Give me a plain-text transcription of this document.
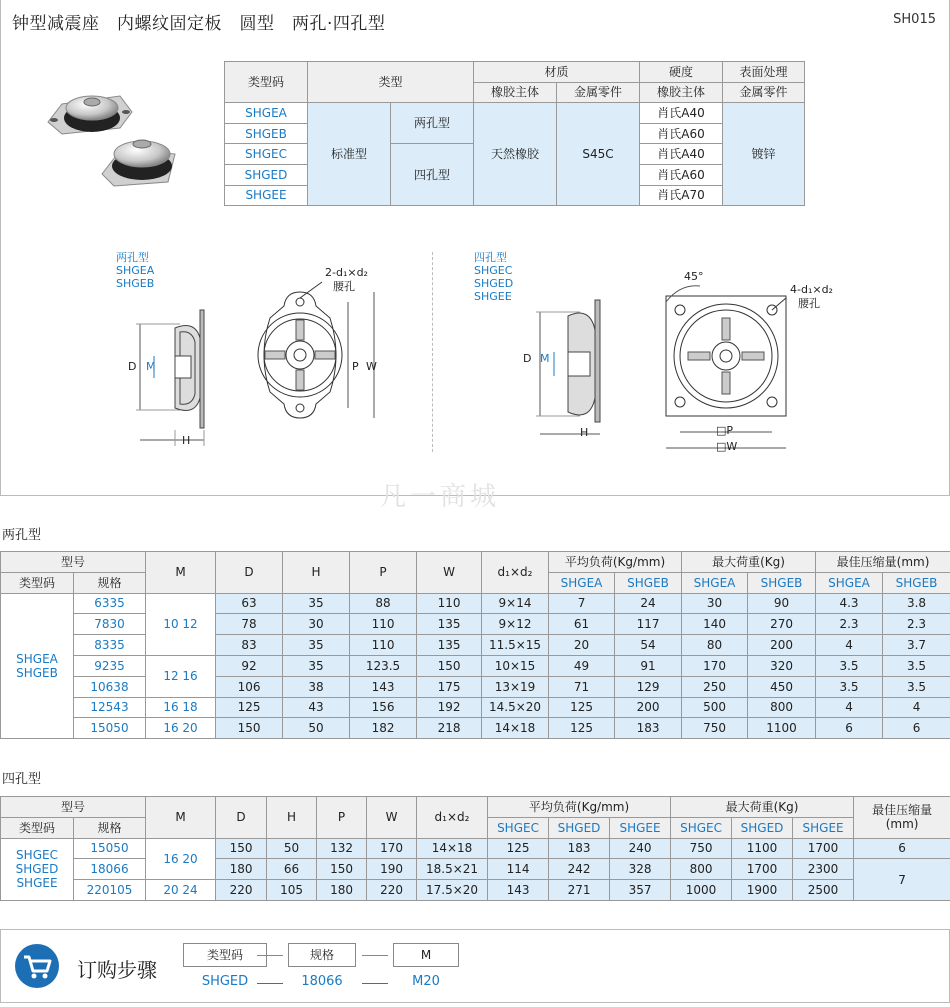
钟型减震座　内螺纹固定板　圆型　两孔·四孔型	SH015
类型码	类型		材质		硬度	表面处理
			橡胶主体	金属零件	橡胶主体	金属零件
SHGEA	标准型	两孔型	天然橡胶	S45C	肖氏A40	镀锌
SHGEB					肖氏A60	
SHGEC		四孔型			肖氏A40	
SHGED					肖氏A60	
SHGEE					肖氏A70	
两孔型
SHGEA
SHGEB
四孔型
SHGEC
SHGED
SHGEE
D M
H
2-d₁×d₂
腰孔
P W
D M
H
45°
4-d₁×d₂
腰孔
□P
□W
凡一商城
两孔型
型号		M	D	H	P	W	d₁×d₂	平均负荷(Kg/mm)		最大荷重(Kg)		最佳压缩量(mm)	
类型码	规格							SHGEA	SHGEB	SHGEA	SHGEB	SHGEA	SHGEB
SHGEA
SHGEB	6335	10 12	63	35	88	110	9×14	7	24	30	90	4.3	3.8
	7830		78	30	110	135	9×12	61	117	140	270	2.3	2.3
	8335		83	35	110	135	11.5×15	20	54	80	200	4	3.7
	9235	12 16	92	35	123.5	150	10×15	49	91	170	320	3.5	3.5
	10638		106	38	143	175	13×19	71	129	250	450	3.5	3.5
	12543	16 18	125	43	156	192	14.5×20	125	200	500	800	4	4
	15050	16 20	150	50	182	218	14×18	125	183	750	1100	6	6
四孔型
型号		M	D	H	P	W	d₁×d₂	平均负荷(Kg/mm)			最大荷重(Kg)			最佳压缩量
(mm)
类型码	规格							SHGEC	SHGED	SHGEE	SHGEC	SHGED	SHGEE	
SHGEC
SHGED
SHGEE	15050	16 20	150	50	132	170	14×18	125	183	240	750	1100	1700	6
	18066		180	66	150	190	18.5×21	114	242	328	800	1700	2300	7
	220105	20 24	220	105	180	220	17.5×20	143	271	357	1000	1900	2500	
订购步骤
类型码	规格	M
SHGED	18066	M20
